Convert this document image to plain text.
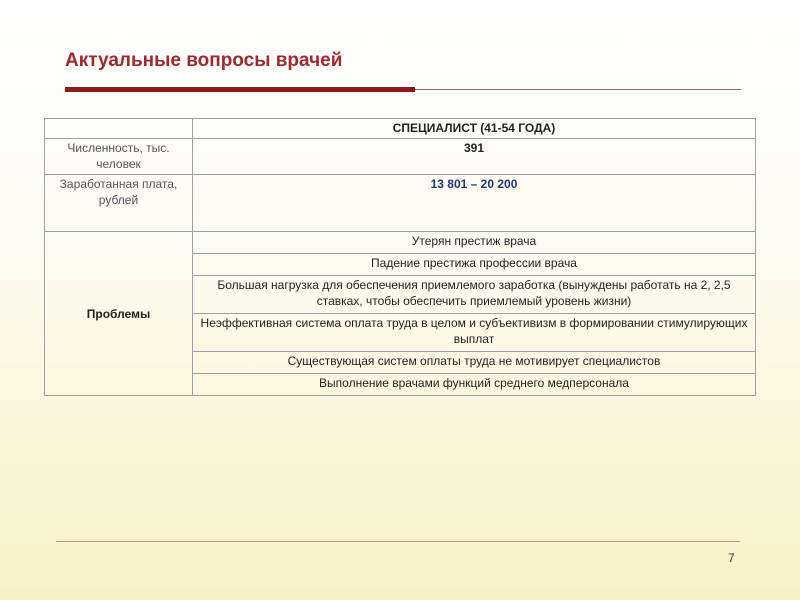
Актуальные вопросы врачей
	СПЕЦИАЛИСТ (41-54 ГОДА)
Численность, тыс. человек	391
Заработанная плата, рублей	13 801 – 20 200
Проблемы	Утерян престиж врача
	Падение престижа профессии врача
	Большая нагрузка для обеспечения приемлемого заработка (вынуждены работать на 2, 2,5 ставках, чтобы обеспечить приемлемый уровень жизни)
	Неэффективная система оплата труда в целом и субъективизм в формировании стимулирующих выплат
	Существующая систем оплаты труда не мотивирует специалистов
	Выполнение врачами функций среднего медперсонала
7
